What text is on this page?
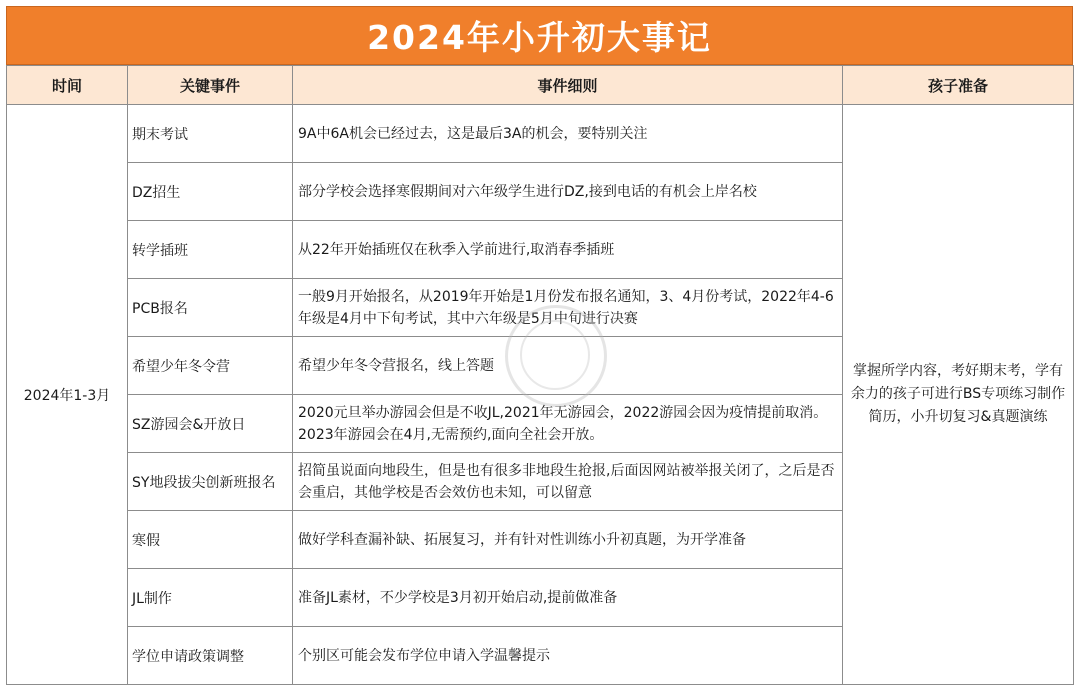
2024年小升初大事记
时间	关键事件	事件细则	孩子准备
2024年1-3月	期末考试	9A中6A机会已经过去，这是最后3A的机会，要特别关注	掌握所学内容，考好期末考，学有余力的孩子可进行BS专项练习制作简历，小升切复习&真题演练
	DZ招生	部分学校会选择寒假期间对六年级学生进行DZ,接到电话的有机会上岸名校	
	转学插班	从22年开始插班仅在秋季入学前进行,取消春季插班	
	PCB报名	一般9月开始报名，从2019年开始是1月份发布报名通知，3、4月份考试，2022年4-6年级是4月中下旬考试，其中六年级是5月中旬进行决赛	
	希望少年冬令营	希望少年冬令营报名，线上答题	
	SZ游园会&开放日	2020元旦举办游园会但是不收JL,2021年无游园会，2022游园会因为疫情提前取消。2023年游园会在4月,无需预约,面向全社会开放。	
	SY地段拔尖创新班报名	招简虽说面向地段生，但是也有很多非地段生抢报,后面因网站被举报关闭了，之后是否会重启，其他学校是否会效仿也未知，可以留意	
	寒假	做好学科查漏补缺、拓展复习，并有针对性训练小升初真题，为开学准备	
	JL制作	准备JL素材，不少学校是3月初开始启动,提前做准备	
	学位申请政策调整	个别区可能会发布学位申请入学温馨提示	
